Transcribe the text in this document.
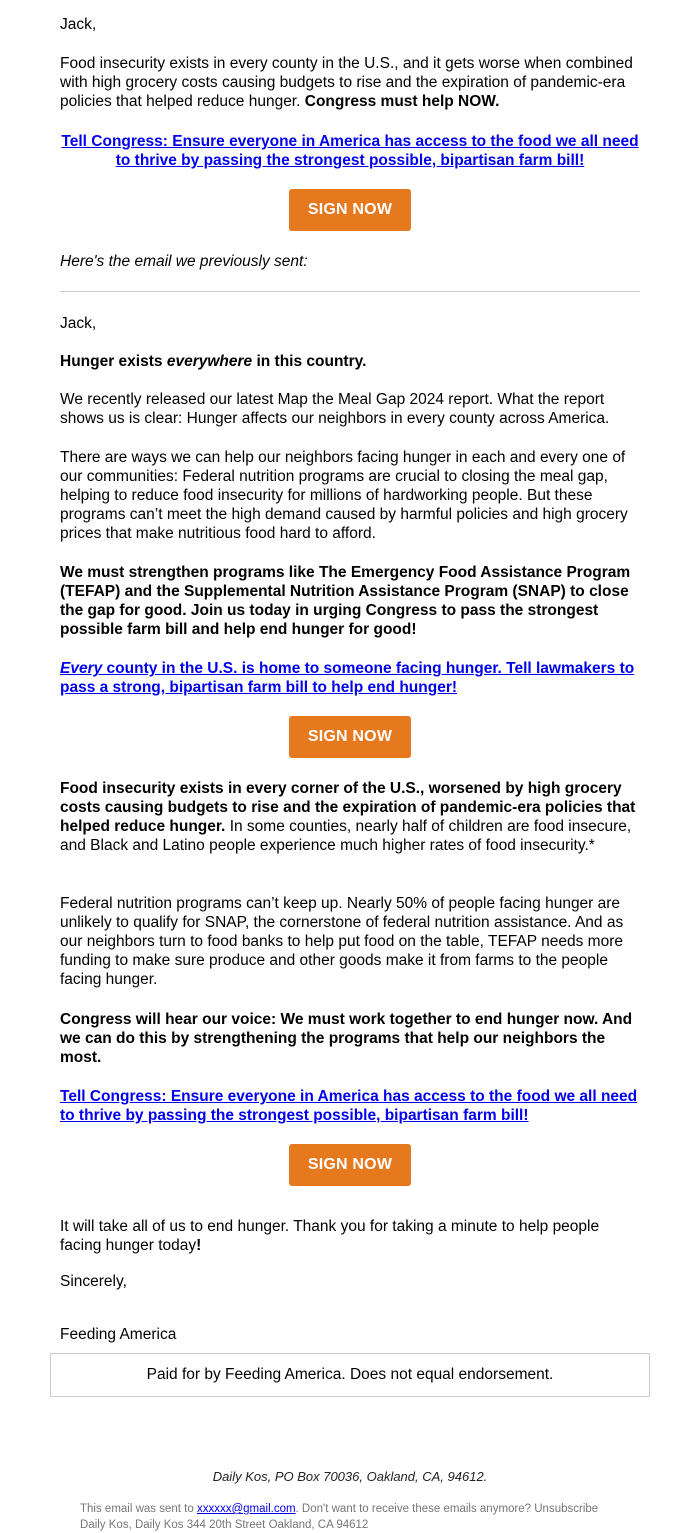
Jack,

Food insecurity exists in every county in the U.S., and it gets worse when combined with high grocery costs causing budgets to rise and the expiration of pandemic-era policies that helped reduce hunger. Congress must help NOW.

Tell Congress: Ensure everyone in America has access to the food we all need to thrive by passing the strongest possible, bipartisan farm bill!

SIGN NOW

Here's the email we previously sent:

Jack,

Hunger exists everywhere in this country.

We recently released our latest Map the Meal Gap 2024 report. What the report shows us is clear: Hunger affects our neighbors in every county across America.

There are ways we can help our neighbors facing hunger in each and every one of our communities: Federal nutrition programs are crucial to closing the meal gap, helping to reduce food insecurity for millions of hardworking people. But these programs can’t meet the high demand caused by harmful policies and high grocery prices that make nutritious food hard to afford.

We must strengthen programs like The Emergency Food Assistance Program (TEFAP) and the Supplemental Nutrition Assistance Program (SNAP) to close the gap for good. Join us today in urging Congress to pass the strongest possible farm bill and help end hunger for good!

Every county in the U.S. is home to someone facing hunger. Tell lawmakers to pass a strong, bipartisan farm bill to help end hunger!

SIGN NOW

Food insecurity exists in every corner of the U.S., worsened by high grocery costs causing budgets to rise and the expiration of pandemic-era policies that helped reduce hunger. In some counties, nearly half of children are food insecure, and Black and Latino people experience much higher rates of food insecurity.*

Federal nutrition programs can’t keep up. Nearly 50% of people facing hunger are unlikely to qualify for SNAP, the cornerstone of federal nutrition assistance. And as our neighbors turn to food banks to help put food on the table, TEFAP needs more funding to make sure produce and other goods make it from farms to the people facing hunger.

Congress will hear our voice: We must work together to end hunger now. And we can do this by strengthening the programs that help our neighbors the most.

Tell Congress: Ensure everyone in America has access to the food we all need to thrive by passing the strongest possible, bipartisan farm bill!

SIGN NOW

It will take all of us to end hunger. Thank you for taking a minute to help people facing hunger today!

Sincerely,

Feeding America

Paid for by Feeding America. Does not equal endorsement.
Daily Kos, PO Box 70036, Oakland, CA, 94612.
This email was sent to xxxxxx@gmail.com. Don't want to receive these emails anymore? Unsubscribe
Daily Kos, Daily Kos 344 20th Street Oakland, CA 94612
